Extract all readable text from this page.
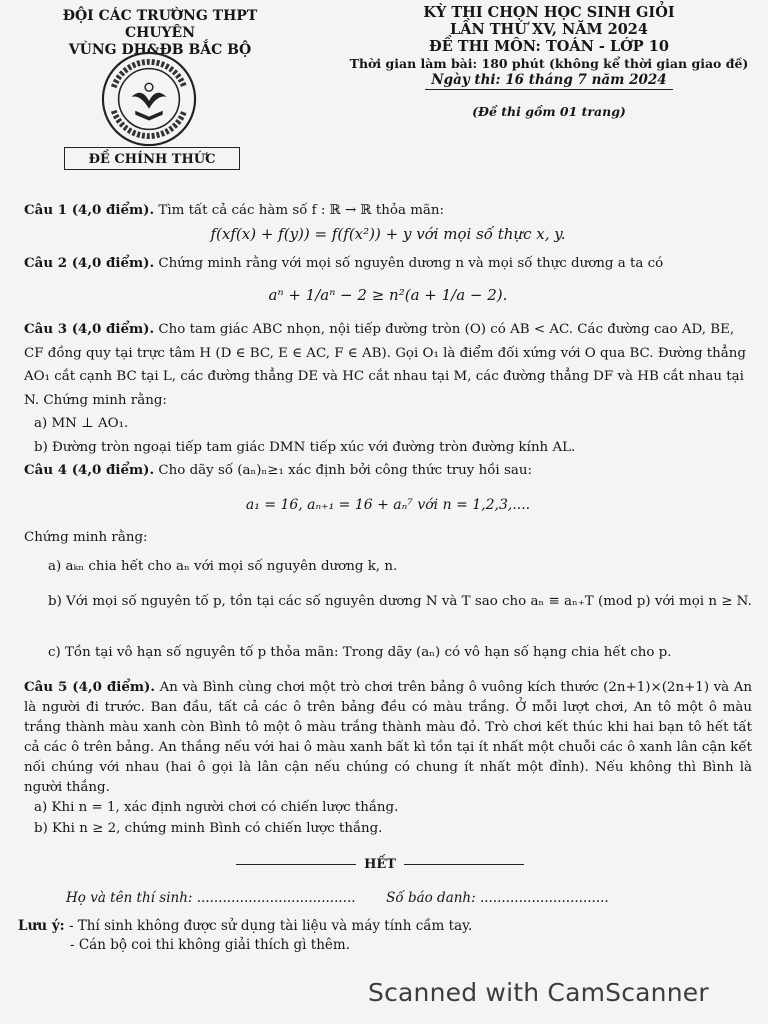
ĐỘI CÁC TRƯỜNG THPT CHUYÊN
VÙNG DH&ĐB BẮC BỘ
ĐỀ CHÍNH THỨC
KỲ THI CHỌN HỌC SINH GIỎI
LẦN THỨ XV, NĂM 2024
ĐỀ THI MÔN: TOÁN - LỚP 10
Thời gian làm bài: 180 phút (không kể thời gian giao đề)
Ngày thi: 16 tháng 7 năm 2024
(Đề thi gồm 01 trang)
Câu 1 (4,0 điểm). Tìm tất cả các hàm số f : ℝ → ℝ thỏa mãn:
f(xf(x) + f(y)) = f(f(x²)) + y với mọi số thực x, y.
Câu 2 (4,0 điểm). Chứng minh rằng với mọi số nguyên dương n và mọi số thực dương a ta có
aⁿ + 1/aⁿ − 2 ≥ n²(a + 1/a − 2).
Câu 3 (4,0 điểm). Cho tam giác ABC nhọn, nội tiếp đường tròn (O) có AB < AC. Các đường cao AD, BE, CF đồng quy tại trực tâm H (D ∈ BC, E ∈ AC, F ∈ AB). Gọi O₁ là điểm đối xứng với O qua BC. Đường thẳng AO₁ cắt cạnh BC tại L, các đường thẳng DE và HC cắt nhau tại M, các đường thẳng DF và HB cắt nhau tại N. Chứng minh rằng:
a) MN ⊥ AO₁.
b) Đường tròn ngoại tiếp tam giác DMN tiếp xúc với đường tròn đường kính AL.
Câu 4 (4,0 điểm). Cho dãy số (aₙ)ₙ≥₁ xác định bởi công thức truy hồi sau:
a₁ = 16, aₙ₊₁ = 16 + aₙ⁷ với n = 1,2,3,....
Chứng minh rằng:
a) aₖₙ chia hết cho aₙ với mọi số nguyên dương k, n.
b) Với mọi số nguyên tố p, tồn tại các số nguyên dương N và T sao cho aₙ ≡ aₙ₊T (mod p) với mọi n ≥ N.
c) Tồn tại vô hạn số nguyên tố p thỏa mãn: Trong dãy (aₙ) có vô hạn số hạng chia hết cho p.
Câu 5 (4,0 điểm). An và Bình cùng chơi một trò chơi trên bảng ô vuông kích thước (2n+1)×(2n+1) và An là người đi trước. Ban đầu, tất cả các ô trên bảng đều có màu trắng. Ở mỗi lượt chơi, An tô một ô màu trắng thành màu xanh còn Bình tô một ô màu trắng thành màu đỏ. Trò chơi kết thúc khi hai bạn tô hết tất cả các ô trên bảng. An thắng nếu với hai ô màu xanh bất kì tồn tại ít nhất một chuỗi các ô xanh lân cận kết nối chúng với nhau (hai ô gọi là lân cận nếu chúng có chung ít nhất một đỉnh). Nếu không thì Bình là người thắng.
a) Khi n = 1, xác định người chơi có chiến lược thắng.
b) Khi n ≥ 2, chứng minh Bình có chiến lược thắng.
HẾT
Họ và tên thí sinh: ..................................... Số báo danh: ..............................
Lưu ý: - Thí sinh không được sử dụng tài liệu và máy tính cầm tay.
- Cán bộ coi thi không giải thích gì thêm.
Scanned with CamScanner
